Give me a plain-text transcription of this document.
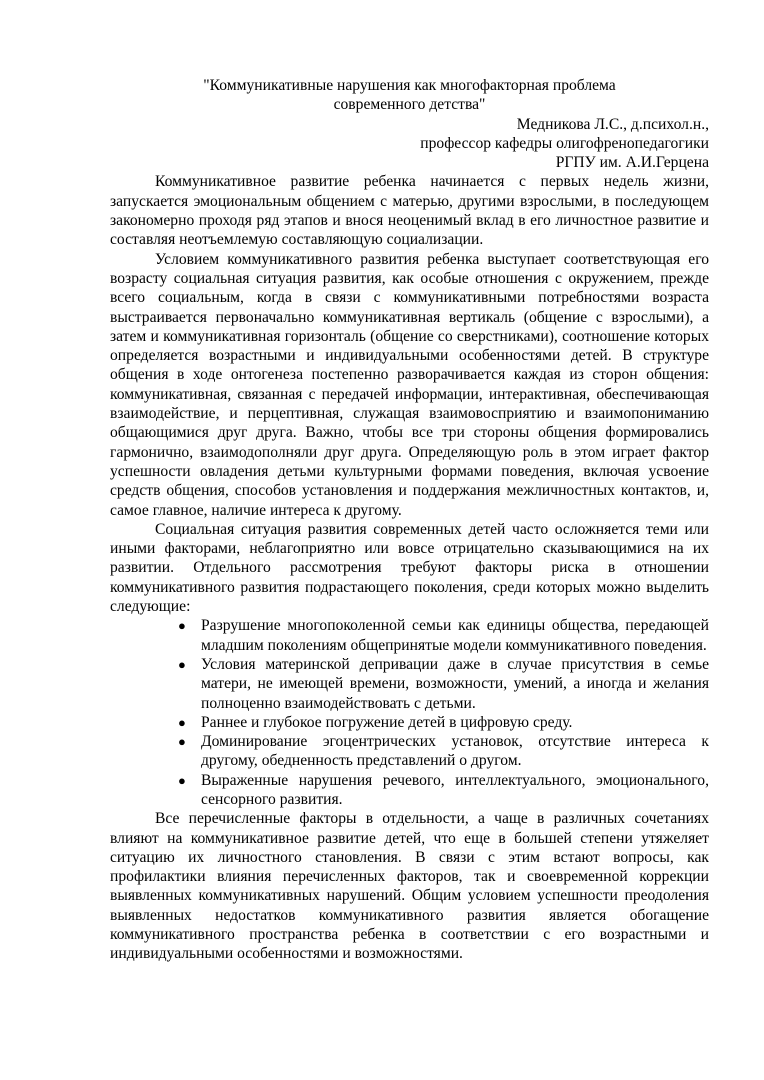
"Коммуникативные нарушения как многофакторная проблема
современного детства"
Медникова Л.С., д.психол.н.,
профессор кафедры олигофренопедагогики
РГПУ им. А.И.Герцена

Коммуникативное развитие ребенка начинается с первых недель жизни, запускается эмоциональным общением с матерью, другими взрослыми, в последующем закономерно проходя ряд этапов и внося неоценимый вклад в его личностное развитие и составляя неотъемлемую составляющую социализации.

Условием коммуникативного развития ребенка выступает соответствующая его возрасту социальная ситуация развития, как особые отношения с окружением, прежде всего социальным, когда в связи с коммуникативными потребностями возраста выстраивается первоначально коммуникативная вертикаль (общение с взрослыми), а затем и коммуникативная горизонталь (общение со сверстниками), соотношение которых определяется возрастными и индивидуальными особенностями детей. В структуре общения в ходе онтогенеза постепенно разворачивается каждая из сторон общения: коммуникативная, связанная с передачей информации, интерактивная, обеспечивающая взаимодействие, и перцептивная, служащая взаимовосприятию и взаимопониманию общающимися друг друга. Важно, чтобы все три стороны общения формировались гармонично, взаимодополняли друг друга. Определяющую роль в этом играет фактор успешности овладения детьми культурными формами поведения, включая усвоение средств общения, способов установления и поддержания межличностных контактов, и, самое главное, наличие интереса к другому.

Социальная ситуация развития современных детей часто осложняется теми или иными факторами, неблагоприятно или вовсе отрицательно сказывающимися на их развитии. Отдельного рассмотрения требуют факторы риска в отношении коммуникативного развития подрастающего поколения, среди которых можно выделить следующие:

● Разрушение многопоколенной семьи как единицы общества, передающей младшим поколениям общепринятые модели коммуникативного поведения.
● Условия материнской депривации даже в случае присутствия в семье матери, не имеющей времени, возможности, умений, а иногда и желания полноценно взаимодействовать с детьми.
● Раннее и глубокое погружение детей в цифровую среду.
● Доминирование эгоцентрических установок, отсутствие интереса к другому, обедненность представлений о другом.
● Выраженные нарушения речевого, интеллектуального, эмоционального, сенсорного развития.

Все перечисленные факторы в отдельности, а чаще в различных сочетаниях влияют на коммуникативное развитие детей, что еще в большей степени утяжеляет ситуацию их личностного становления. В связи с этим встают вопросы, как профилактики влияния перечисленных факторов, так и своевременной коррекции выявленных коммуникативных нарушений. Общим условием успешности преодоления выявленных недостатков коммуникативного развития является обогащение коммуникативного пространства ребенка в соответствии с его возрастными и индивидуальными особенностями и возможностями.
